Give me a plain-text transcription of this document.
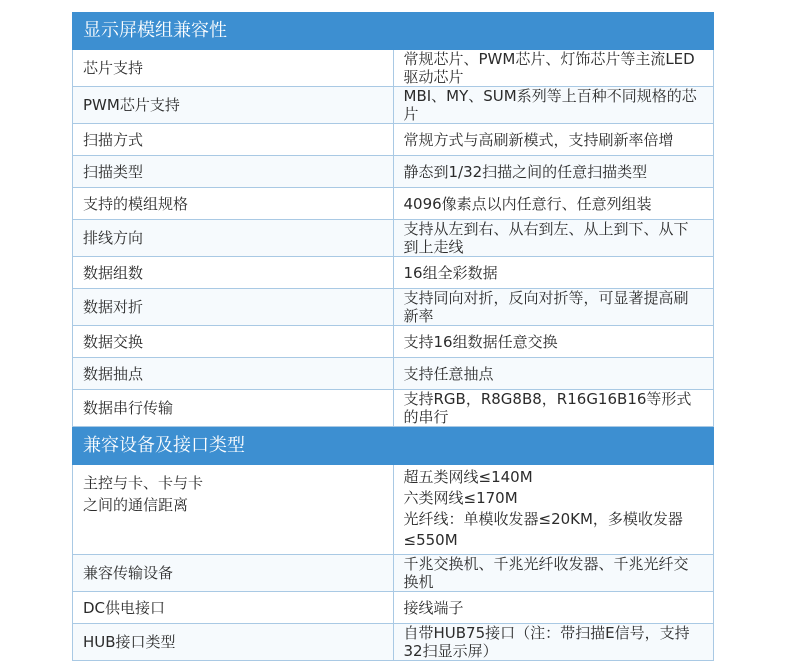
显示屏模组兼容性	
芯片支持	常规芯片、PWM芯片、灯饰芯片等主流LED驱动芯片
PWM芯片支持	MBI、MY、SUM系列等上百种不同规格的芯片
扫描方式	常规方式与高刷新模式，支持刷新率倍增
扫描类型	静态到1/32扫描之间的任意扫描类型
支持的模组规格	4096像素点以内任意行、任意列组装
排线方向	支持从左到右、从右到左、从上到下、从下到上走线
数据组数	16组全彩数据
数据对折	支持同向对折，反向对折等，可显著提高刷新率
数据交换	支持16组数据任意交换
数据抽点	支持任意抽点
数据串行传输	支持RGB，R8G8B8，R16G16B16等形式的串行
兼容设备及接口类型	

主控与卡、卡与卡
之间的通信距离	超五类网线≤140M
六类网线≤170M
光纤线：单模收发器≤20KM，多模收发器≤550M

兼容传输设备	千兆交换机、千兆光纤收发器、千兆光纤交换机
DC供电接口	接线端子
HUB接口类型	自带HUB75接口（注：带扫描E信号，支持32扫显示屏）
